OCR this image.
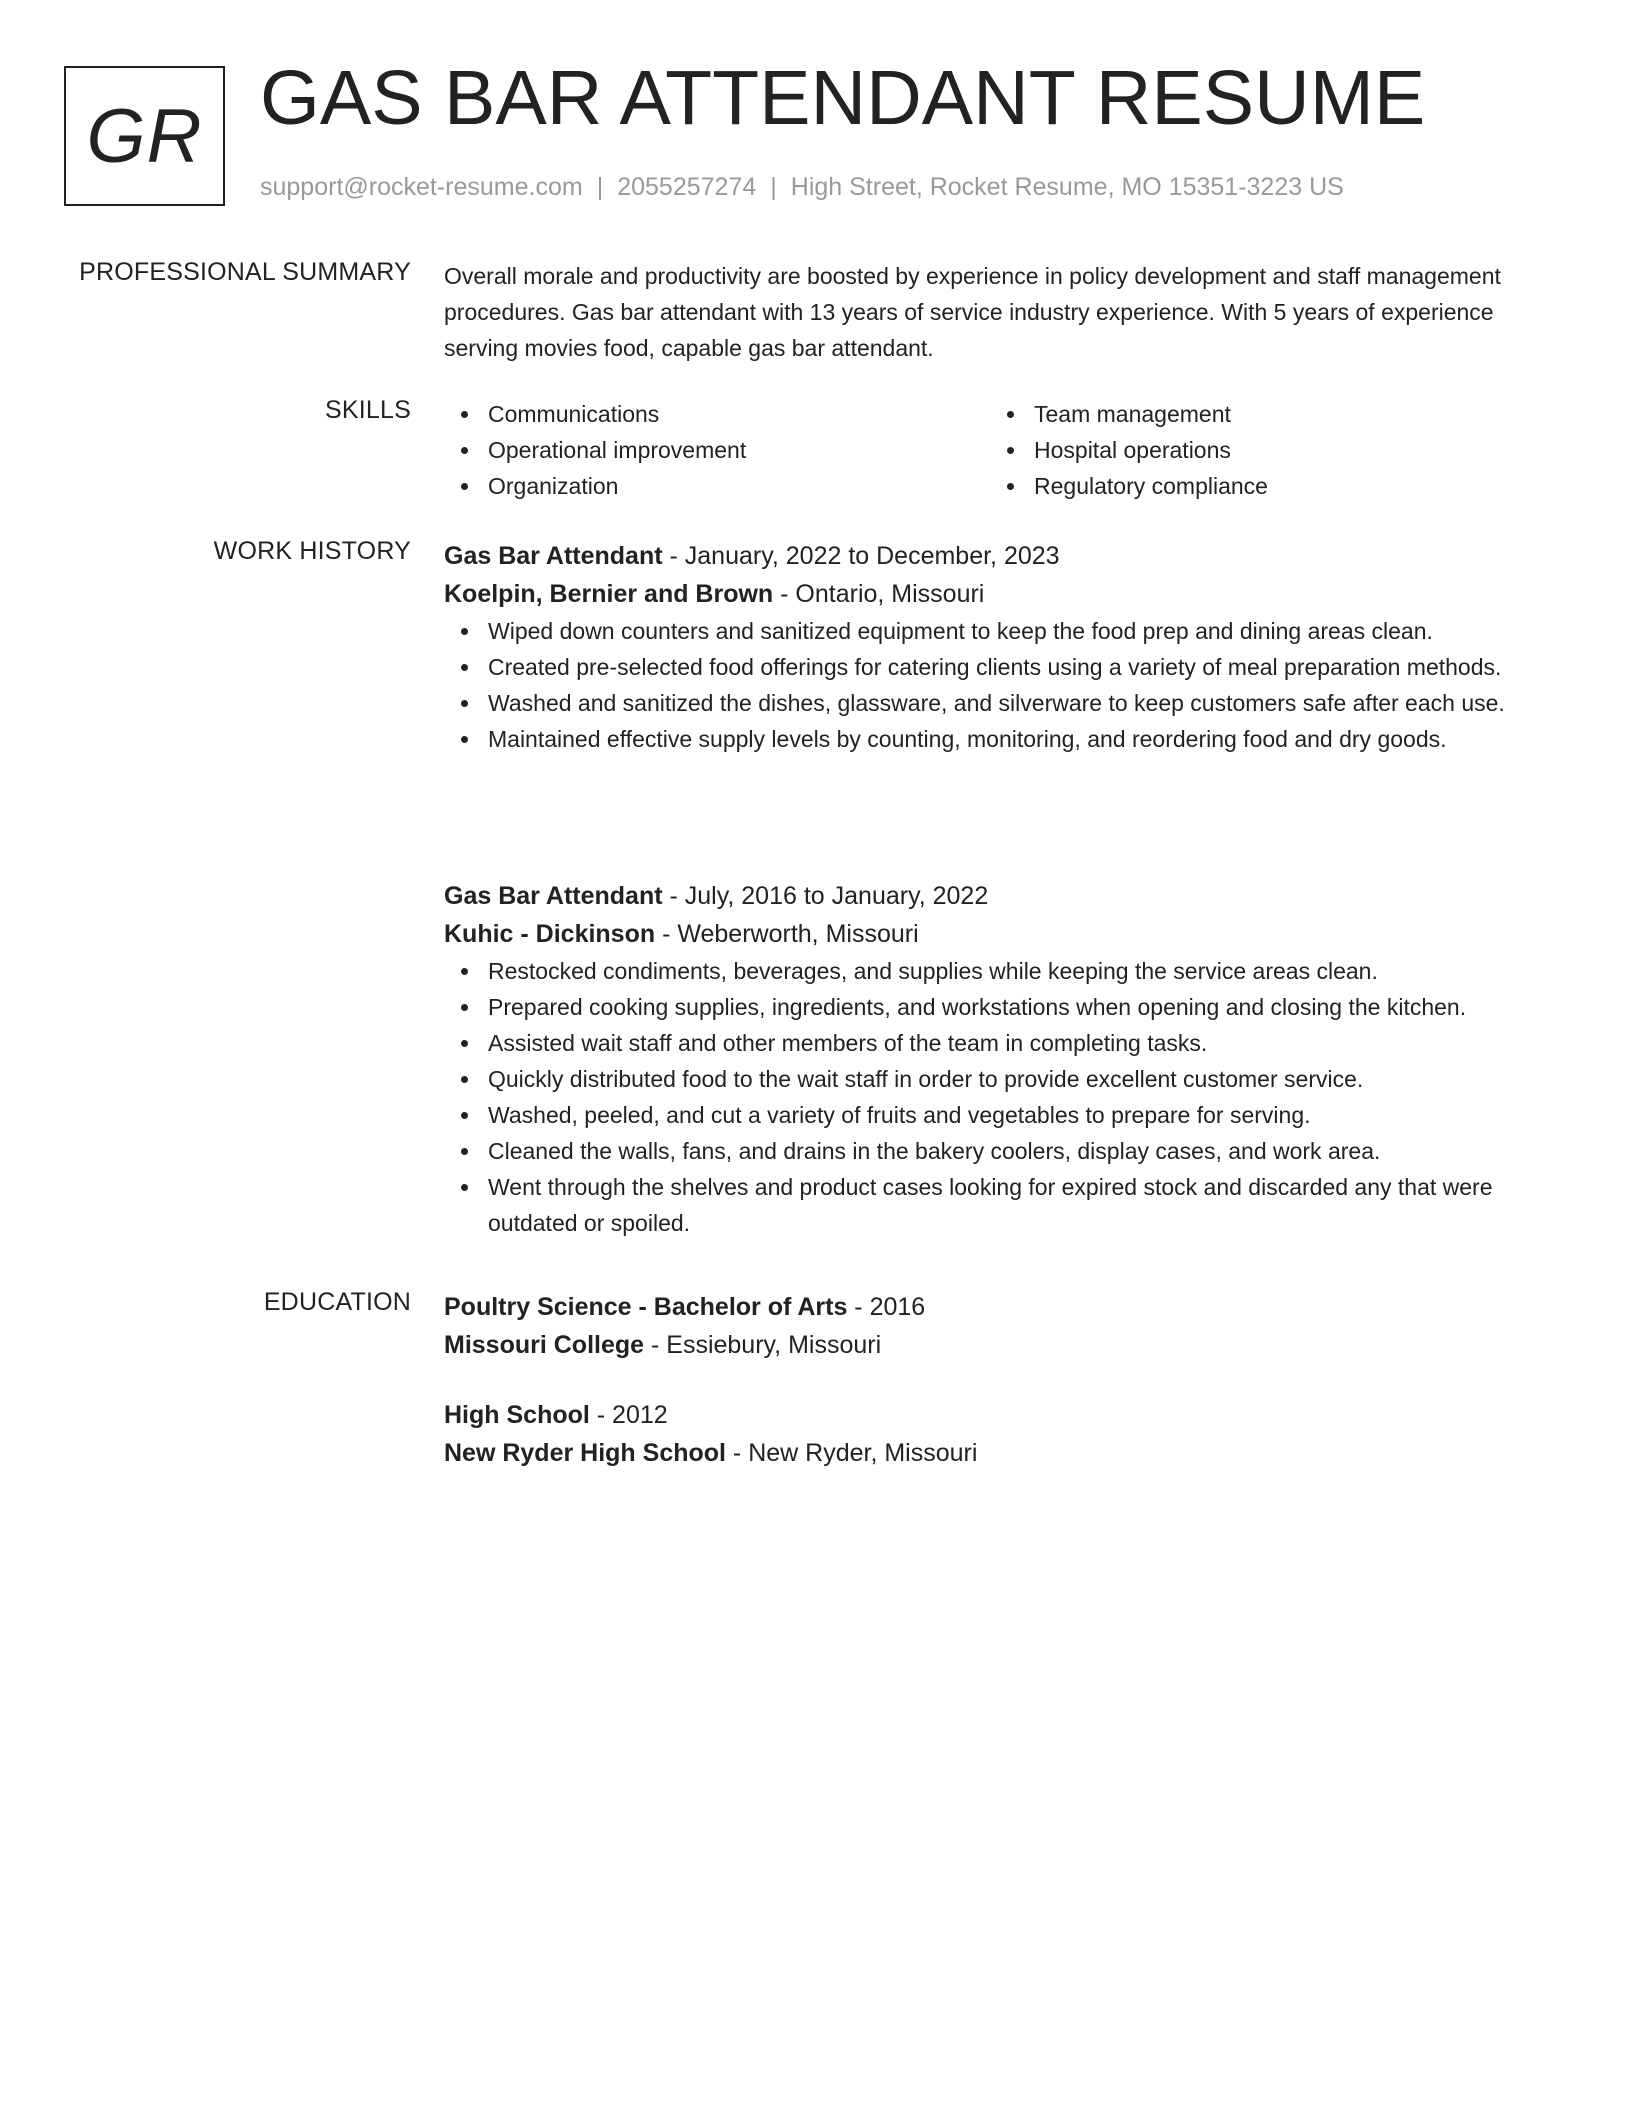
GR GAS BAR ATTENDANT RESUME
support@rocket-resume.com | 2055257274 | High Street, Rocket Resume, MO 15351-3223 US
PROFESSIONAL SUMMARY Overall morale and productivity are boosted by experience in policy development and staff management procedures. Gas bar attendant with 13 years of service industry experience. With 5 years of experience serving movies food, capable gas bar attendant.

SKILLS	Communications
Operational improvement
Organization
Team management
Hospital operations
Regulatory compliance
WORK HISTORY Gas Bar Attendant - January, 2022 to December, 2023
Koelpin, Bernier and Brown - Ontario, Missouri
Wiped down counters and sanitized equipment to keep the food prep and dining areas clean.
Created pre-selected food offerings for catering clients using a variety of meal preparation methods.
Washed and sanitized the dishes, glassware, and silverware to keep customers safe after each use.
Maintained effective supply levels by counting, monitoring, and reordering food and dry goods.
Gas Bar Attendant - July, 2016 to January, 2022
Kuhic - Dickinson - Weberworth, Missouri
Restocked condiments, beverages, and supplies while keeping the service areas clean.
Prepared cooking supplies, ingredients, and workstations when opening and closing the kitchen.
Assisted wait staff and other members of the team in completing tasks.
Quickly distributed food to the wait staff in order to provide excellent customer service.
Washed, peeled, and cut a variety of fruits and vegetables to prepare for serving.
Cleaned the walls, fans, and drains in the bakery coolers, display cases, and work area.
Went through the shelves and product cases looking for expired stock and discarded any that were outdated or spoiled.
EDUCATION Poultry Science - Bachelor of Arts - 2016
Missouri College - Essiebury, Missouri
High School - 2012
New Ryder High School - New Ryder, Missouri
